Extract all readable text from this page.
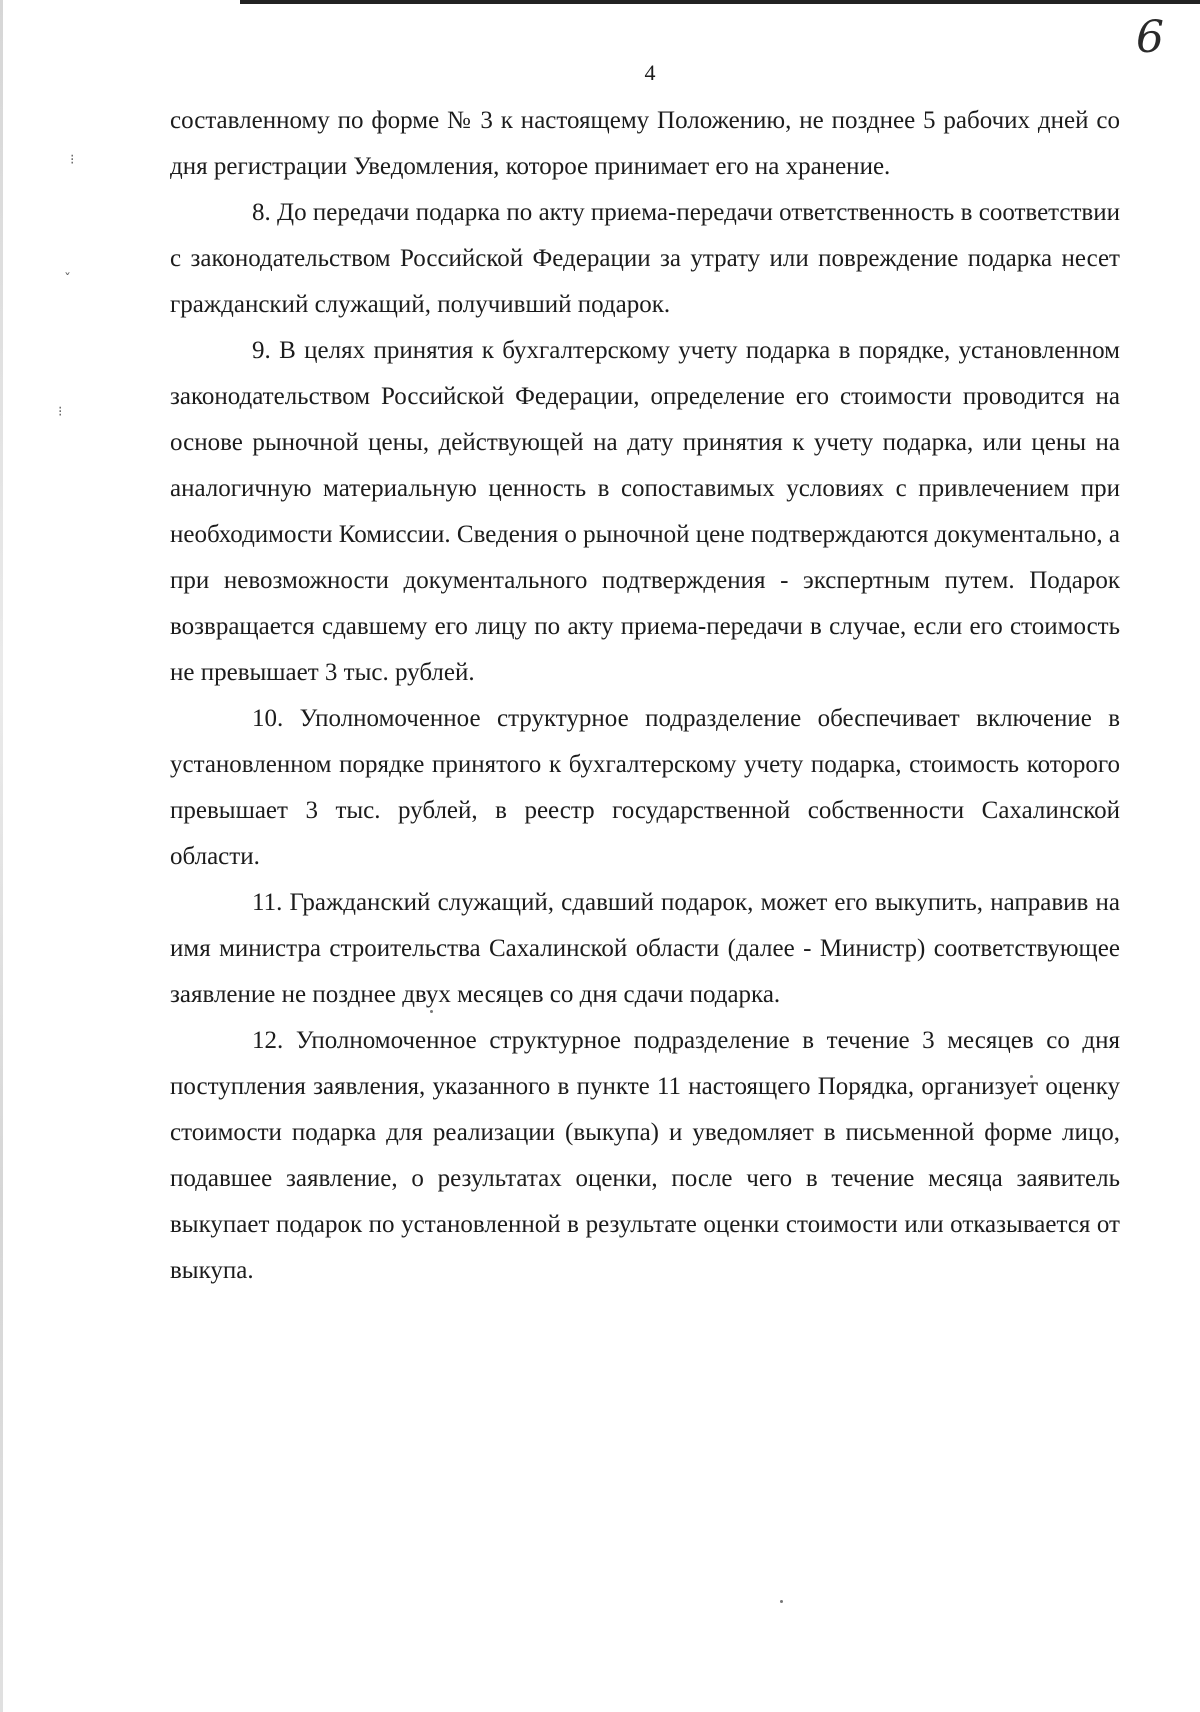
6
4
⁝
ˇ
⁝

составленному по форме № 3 к настоящему Положению, не позднее 5 рабочих дней со дня регистрации Уведомления, которое принимает его на хранение.

8. До передачи подарка по акту приема-передачи ответственность в соответствии с законодательством Российской Федерации за утрату или повреждение подарка несет гражданский служащий, получивший подарок.

9. В целях принятия к бухгалтерскому учету подарка в порядке, установленном законодательством Российской Федерации, определение его стоимости проводится на основе рыночной цены, действующей на дату принятия к учету подарка, или цены на аналогичную материальную ценность в сопоставимых условиях с привлечением при необходимости Комиссии. Сведения о рыночной цене подтверждаются документально, а при невозможности документального подтверждения - экспертным путем. Подарок возвращается сдавшему его лицу по акту приема-передачи в случае, если его стоимость не превышает 3 тыс. рублей.

10. Уполномоченное структурное подразделение обеспечивает включение в установленном порядке принятого к бухгалтерскому учету подарка, стоимость которого превышает 3 тыс. рублей, в реестр государственной собственности Сахалинской области.

11. Гражданский служащий, сдавший подарок, может его выкупить, направив на имя министра строительства Сахалинской области (далее - Министр) соответствующее заявление не позднее двух месяцев со дня сдачи подарка.

12. Уполномоченное структурное подразделение в течение 3 месяцев со дня поступления заявления, указанного в пункте 11 настоящего Порядка, организует оценку стоимости подарка для реализации (выкупа) и уведомляет в письменной форме лицо, подавшее заявление, о результатах оценки, после чего в течение месяца заявитель выкупает подарок по установленной в результате оценки стоимости или отказывается от выкупа.
